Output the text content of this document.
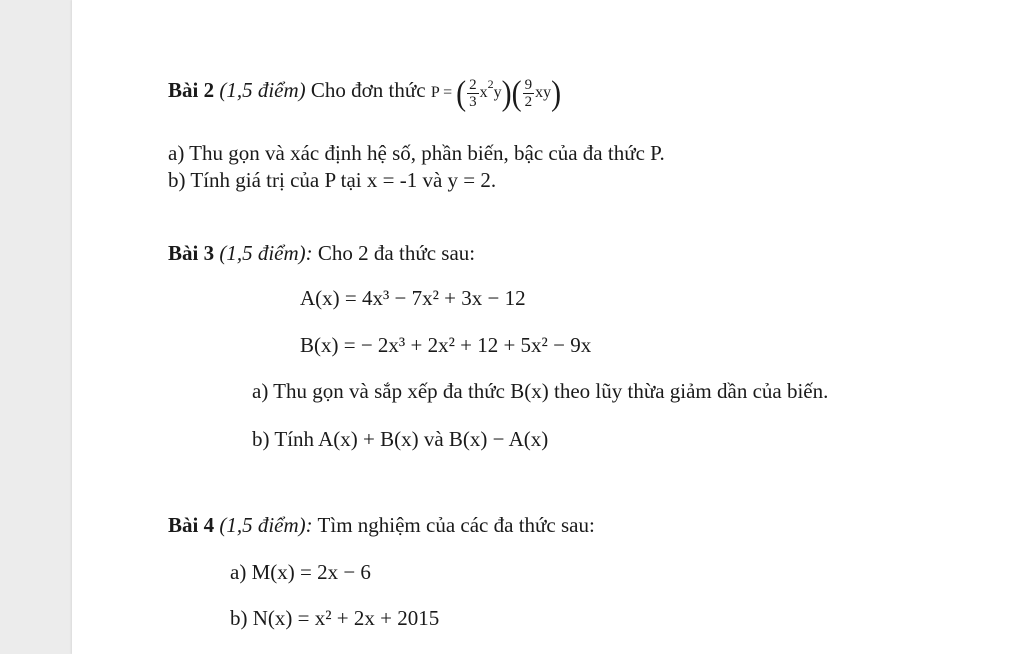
Bài 2 (1,5 điểm) Cho đơn thức P = ( $\frac{2}{3} x^2y)( \frac{9}{2} xy)$
a) Thu gọn và xác định hệ số, phần biến, bậc của đa thức P.
b) Tính giá trị của P tại x = -1 và y = 2.
Bài 3 (1,5 điểm): Cho 2 đa thức sau:
A(x) = 4x³ − 7x² + 3x − 12
B(x) = − 2x³ + 2x² + 12 + 5x² − 9x
a) Thu gọn và sắp xếp đa thức B(x) theo lũy thừa giảm dần của biến.
b) Tính A(x) + B(x) và B(x) − A(x)
Bài 4 (1,5 điểm): Tìm nghiệm của các đa thức sau:
a) M(x) = 2x − 6
b) N(x) = x² + 2x + 2015
